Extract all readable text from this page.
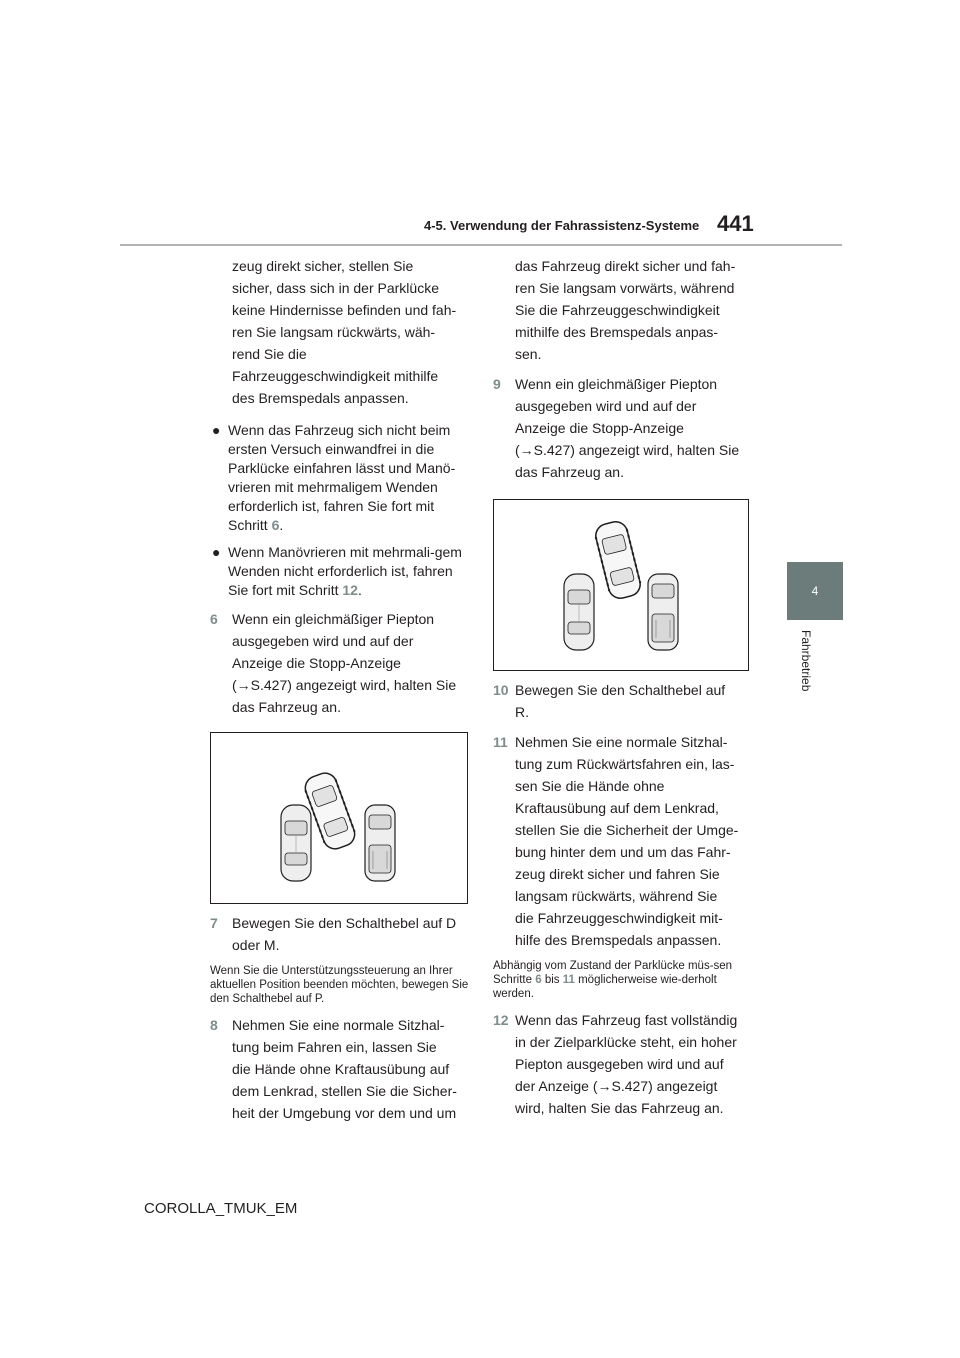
4-5. Verwendung der Fahrassistenz-Systeme 441
4
Fahrbetrieb

zeug direkt sicher, stellen Sie

sicher, dass sich in der Parklücke

keine Hindernisse befinden und fah-

ren Sie langsam rückwärts, wäh-

rend Sie die

Fahrzeuggeschwindigkeit mithilfe

des Bremspedals anpassen.

● Wenn das Fahrzeug sich nicht beim ersten Versuch einwandfrei in die Parklücke einfahren lässt und Manö-vrieren mit mehrmaligem Wenden erforderlich ist, fahren Sie fort mit Schritt 6.

● Wenn Manövrieren mit mehrmali-gem Wenden nicht erforderlich ist, fahren Sie fort mit Schritt 12.

6 Wenn ein gleichmäßiger Piepton

ausgegeben wird und auf der

Anzeige die Stopp-Anzeige

(→S.427) angezeigt wird, halten Sie

das Fahrzeug an.

7 Bewegen Sie den Schalthebel auf D

oder M.

Wenn Sie die Unterstützungssteuerung an Ihrer aktuellen Position beenden möchten, bewegen Sie den Schalthebel auf P.

8 Nehmen Sie eine normale Sitzhal-

tung beim Fahren ein, lassen Sie

die Hände ohne Kraftausübung auf

dem Lenkrad, stellen Sie die Sicher-

heit der Umgebung vor dem und um

das Fahrzeug direkt sicher und fah-

ren Sie langsam vorwärts, während

Sie die Fahrzeuggeschwindigkeit

mithilfe des Bremspedals anpas-

sen.

9 Wenn ein gleichmäßiger Piepton

ausgegeben wird und auf der

Anzeige die Stopp-Anzeige

(→S.427) angezeigt wird, halten Sie

das Fahrzeug an.

10 Bewegen Sie den Schalthebel auf

R.

11 Nehmen Sie eine normale Sitzhal-

tung zum Rückwärtsfahren ein, las-

sen Sie die Hände ohne

Kraftausübung auf dem Lenkrad,

stellen Sie die Sicherheit der Umge-

bung hinter dem und um das Fahr-

zeug direkt sicher und fahren Sie

langsam rückwärts, während Sie

die Fahrzeuggeschwindigkeit mit-

hilfe des Bremspedals anpassen.

Abhängig vom Zustand der Parklücke müs-sen Schritte 6 bis 11 möglicherweise wie-derholt werden.

12 Wenn das Fahrzeug fast vollständig

in der Zielparklücke steht, ein hoher

Piepton ausgegeben wird und auf

der Anzeige (→S.427) angezeigt

wird, halten Sie das Fahrzeug an.

COROLLA_TMUK_EM
